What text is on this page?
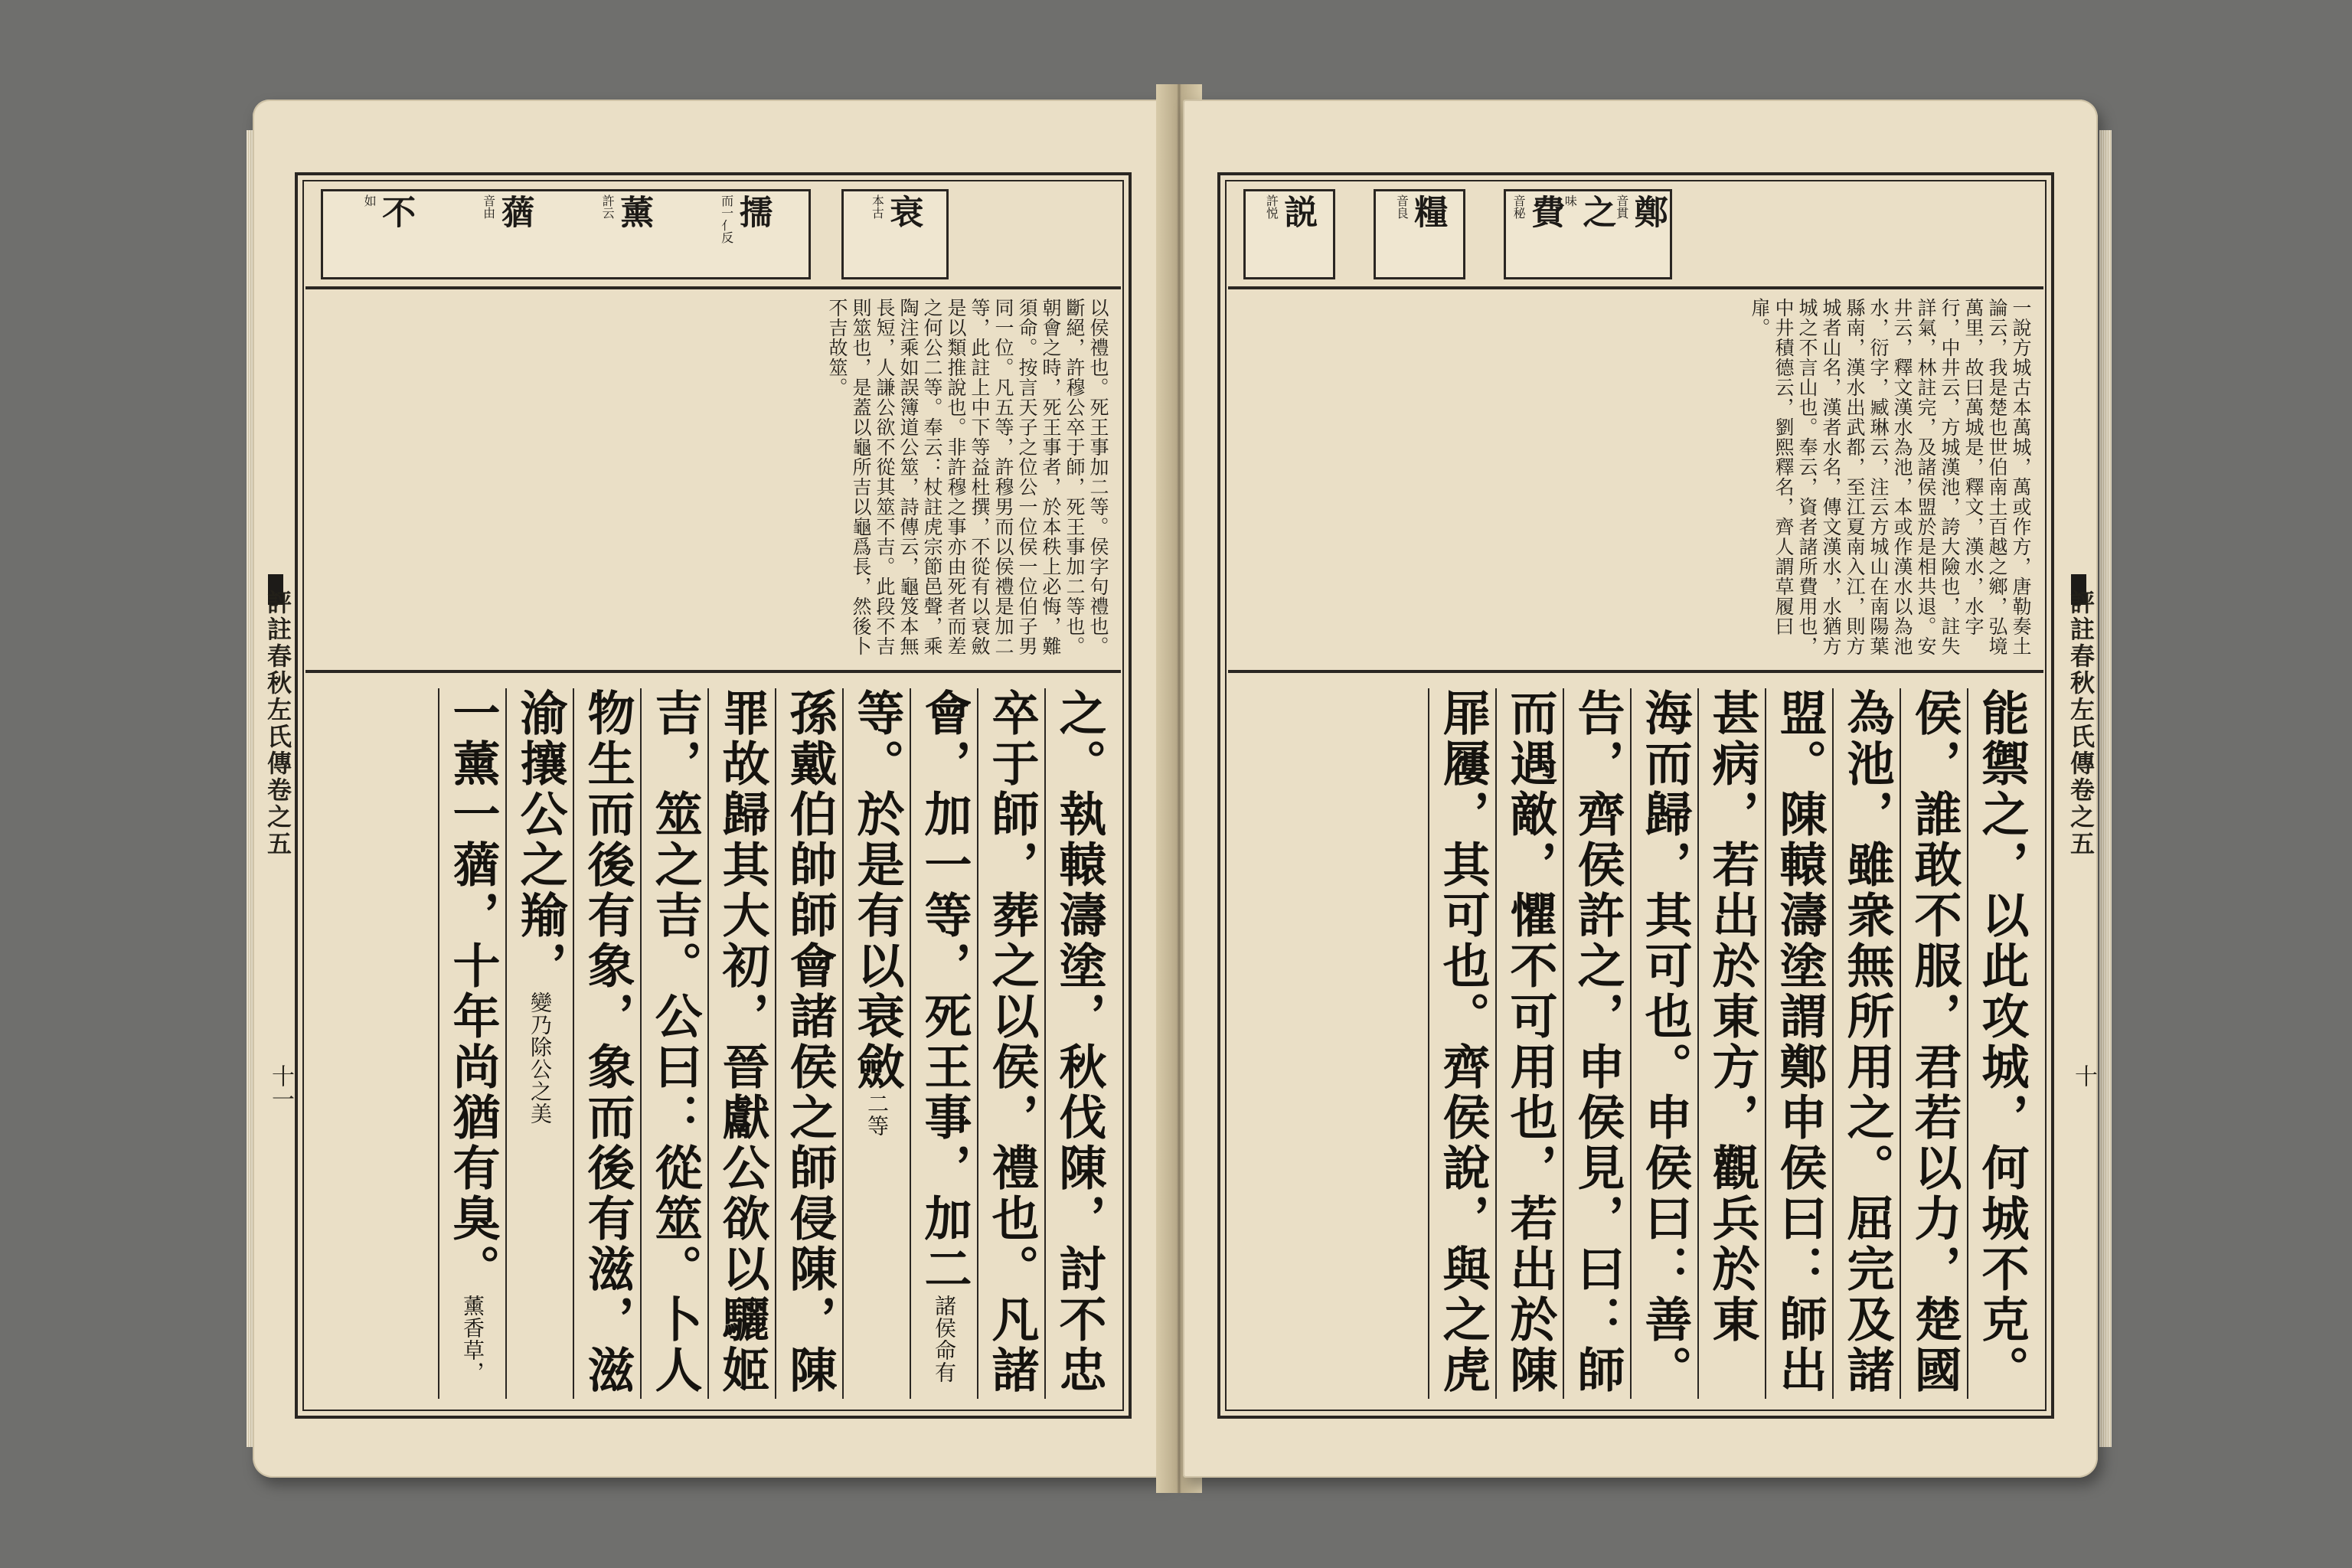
評註春秋左氏傳卷之五
十一
擩
而一亻反
薰
許云
蕕
音由
不
如	衰
本古
以侯禮也。死王事加二等。侯字句禮也。斷絕，許穆公卒于師，死王事加二等也。朝會之時，死王事者，於本秩上必悔，難須命。按言天子之位公一位侯一位伯子男同一位。凡五等，許穆男而以侯禮是加二等，此註上中下等益杜撰，不從有以衰斂是以類推說也。非許穆之事亦由死者而差之何公二等。奉云：杖註虎宗節邑聲，乘陶注乘如誤簿道公筮，詩傳云，龜笈本無長短，人謙公欲不從其筮不吉。此段不吉則筮也，是蓋以龜所吉以龜爲長，然後卜不吉故筮。
之。執轅濤塗，秋伐陳，討不忠
卒于師，葬之以侯，禮也。凡諸
會，加一等，死王事，加二諸侯命有
等。於是有以衰斂二等
孫戴伯帥師會諸侯之師侵陳，陳
罪故歸其大初，晉獻公欲以驪姬
吉，筮之吉。公曰：從筮。卜人
物生而後有象，象而後有滋，滋
渝攘公之羭，變乃除公之美
一薰一蕕，十年尚猶有臭。薰香草，
評註春秋左氏傳卷之五
十
説
許悦	糧
音良	鄭
音貫
之
味
費
音秘
一說方城古本萬城，萬或作方，唐勒奏土論云，我是楚也世伯南土百越之鄉，弘境萬里，故曰萬城是，釋文，漢水，水字行，中井云，方城漢池，誇大險也，註失詳氣，林註完，及諸侯盟於是相共退。安井云，釋文漢水為池，本或作漢水以為池水，衍字，臧琳云，注云方城山在南陽葉縣南，漢水出武都，至江夏南入江，則方城者山名，漢者水名，傳文漢水，水猶方城之不言山也。奉云，資者諸所費用也，中井積德云，劉熙釋名，齊人謂草履曰扉。
能禦之，以此攻城，何城不克。
侯，誰敢不服，君若以力，楚國
為池，雖衆無所用之。屈完及諸
盟。陳轅濤塗謂鄭申侯曰：師出
甚病，若出於東方，觀兵於東
海而歸，其可也。申侯曰：善。
告，齊侯許之，申侯見，曰：師
而遇敵，懼不可用也，若出於陳
屝屨，其可也。齊侯說，與之虎
